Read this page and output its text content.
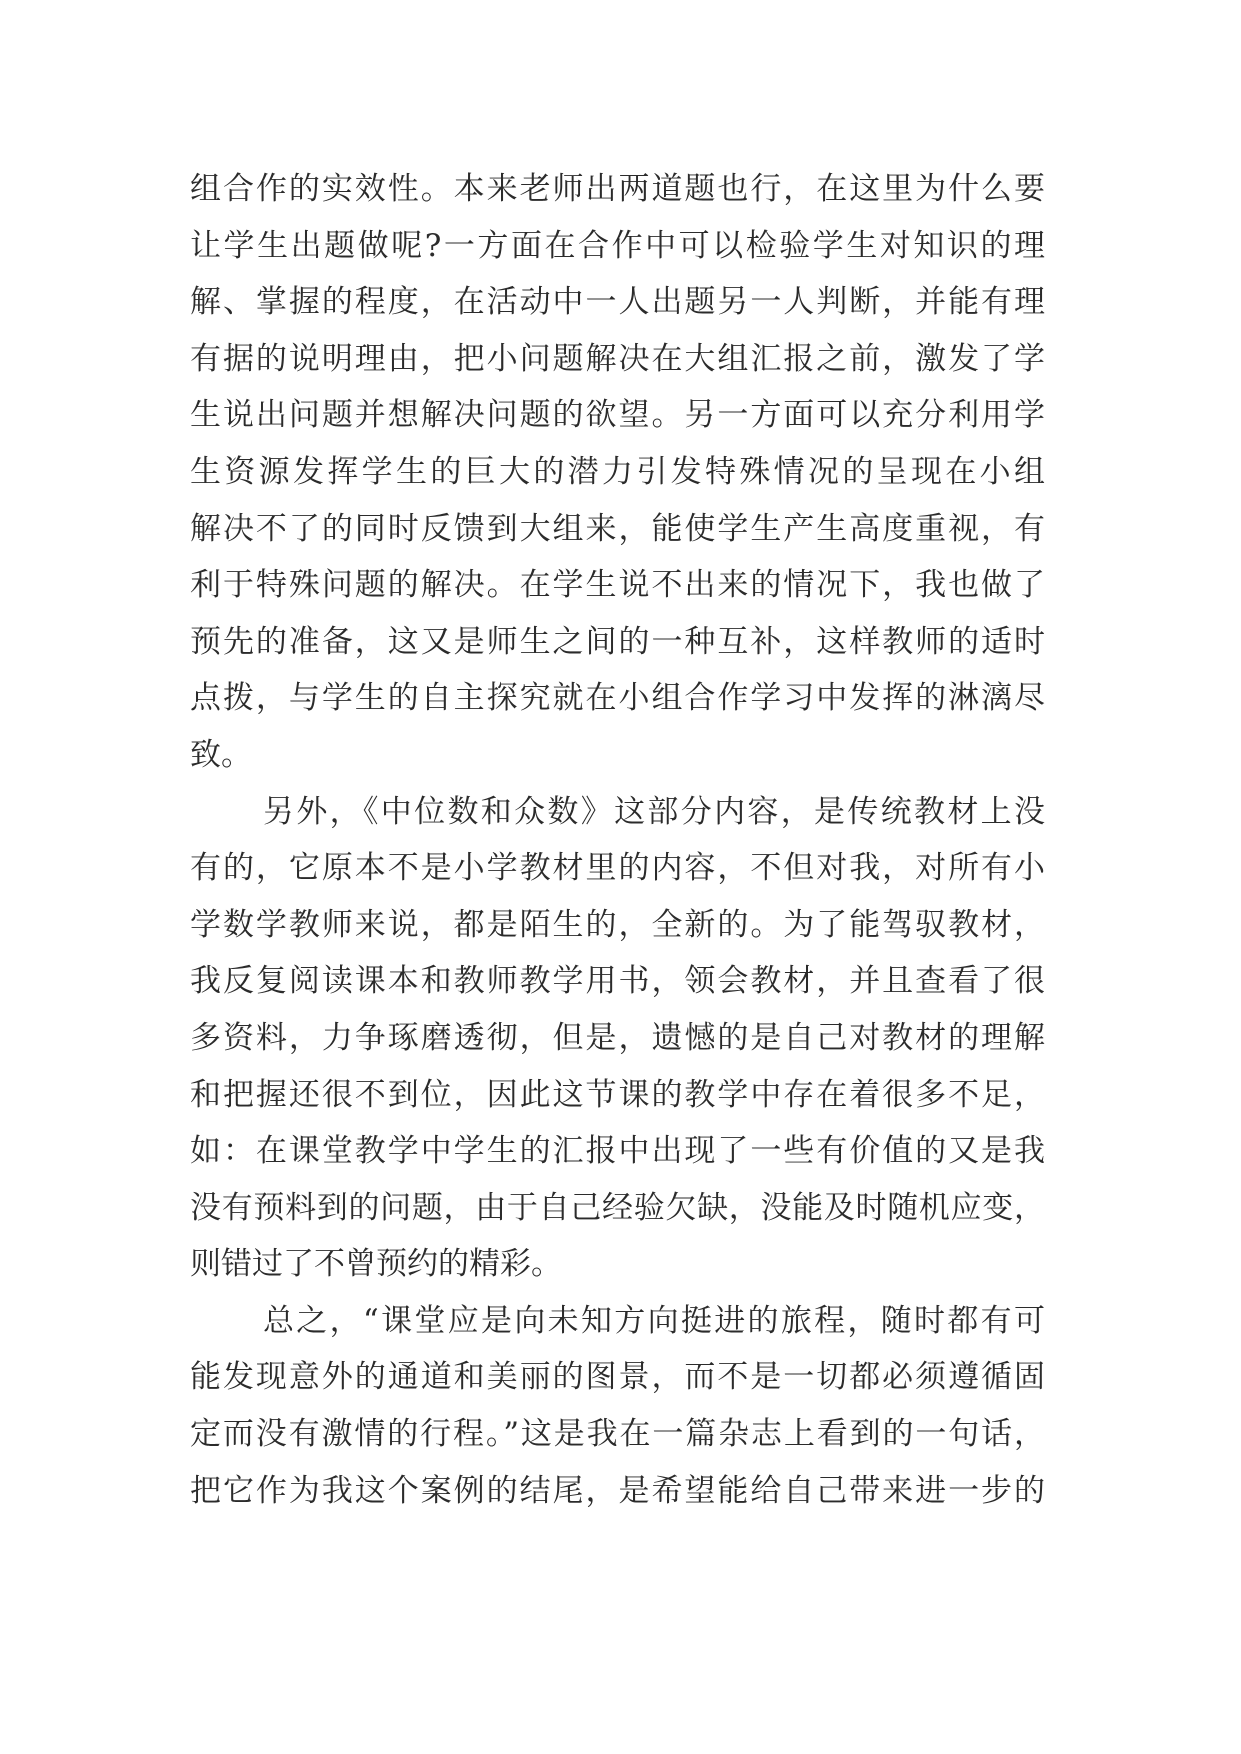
组合作的实效性。本来老师出两道题也行，在这里为什么要
让学生出题做呢?一方面在合作中可以检验学生对知识的理
解、掌握的程度，在活动中一人出题另一人判断，并能有理
有据的说明理由，把小问题解决在大组汇报之前，激发了学
生说出问题并想解决问题的欲望。另一方面可以充分利用学
生资源发挥学生的巨大的潜力引发特殊情况的呈现在小组
解决不了的同时反馈到大组来，能使学生产生高度重视，有
利于特殊问题的解决。在学生说不出来的情况下，我也做了
预先的准备，这又是师生之间的一种互补，这样教师的适时
点拨，与学生的自主探究就在小组合作学习中发挥的淋漓尽
致。
另外，《中位数和众数》这部分内容，是传统教材上没
有的，它原本不是小学教材里的内容，不但对我，对所有小
学数学教师来说，都是陌生的，全新的。为了能驾驭教材，
我反复阅读课本和教师教学用书，领会教材，并且查看了很
多资料，力争琢磨透彻，但是，遗憾的是自己对教材的理解
和把握还很不到位，因此这节课的教学中存在着很多不足，
如：在课堂教学中学生的汇报中出现了一些有价值的又是我
没有预料到的问题，由于自己经验欠缺，没能及时随机应变，
则错过了不曾预约的精彩。
总之，“课堂应是向未知方向挺进的旅程，随时都有可
能发现意外的通道和美丽的图景，而不是一切都必须遵循固
定而没有激情的行程。”这是我在一篇杂志上看到的一句话，
把它作为我这个案例的结尾，是希望能给自己带来进一步的
